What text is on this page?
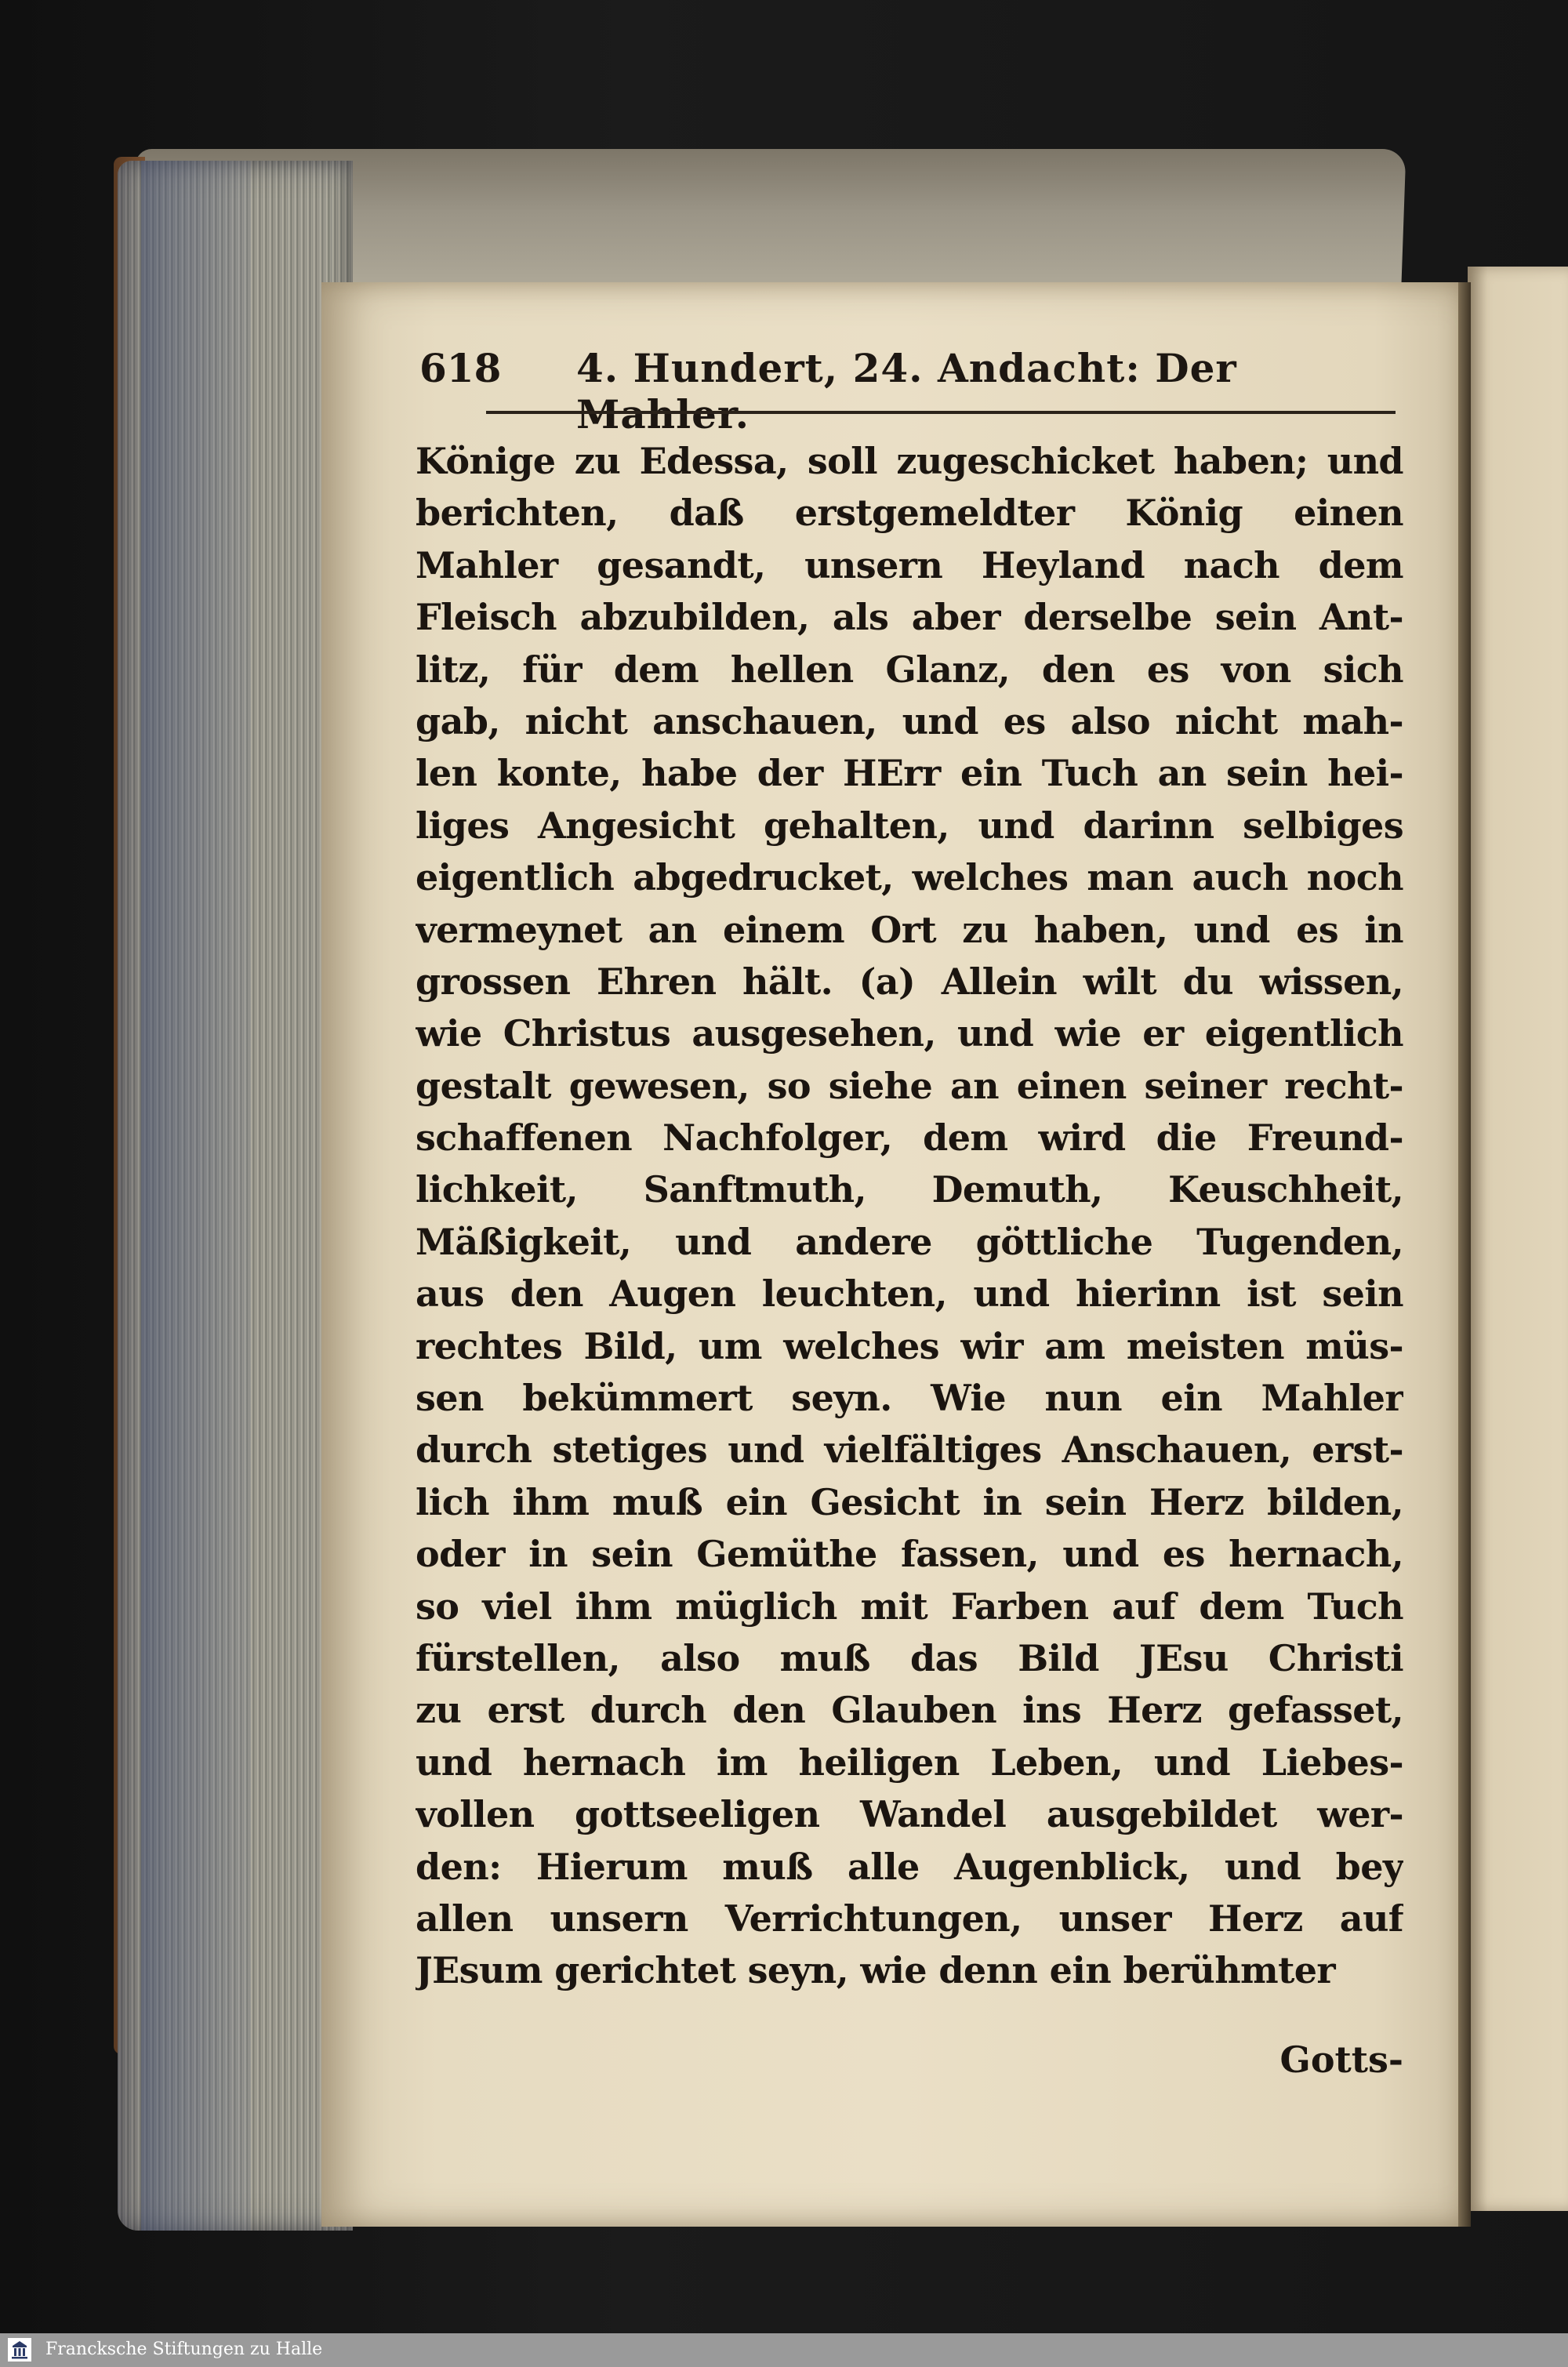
618 4. Hundert, 24. Andacht: Der Mahler.
Könige zu Edessa, soll zugeschicket haben; und
berichten, daß erstgemeldter König einen
Mahler gesandt, unsern Heyland nach dem
Fleisch abzubilden, als aber derselbe sein Ant-
litz, für dem hellen Glanz, den es von sich
gab, nicht anschauen, und es also nicht mah-
len konte, habe der HErr ein Tuch an sein hei-
liges Angesicht gehalten, und darinn selbiges
eigentlich abgedrucket, welches man auch noch
vermeynet an einem Ort zu haben, und es in
grossen Ehren hält. (a) Allein wilt du wissen,
wie Christus ausgesehen, und wie er eigentlich
gestalt gewesen, so siehe an einen seiner recht-
schaffenen Nachfolger, dem wird die Freund-
lichkeit, Sanftmuth, Demuth, Keuschheit,
Mäßigkeit, und andere göttliche Tugenden,
aus den Augen leuchten, und hierinn ist sein
rechtes Bild, um welches wir am meisten müs-
sen bekümmert seyn. Wie nun ein Mahler
durch stetiges und vielfältiges Anschauen, erst-
lich ihm muß ein Gesicht in sein Herz bilden,
oder in sein Gemüthe fassen, und es hernach,
so viel ihm müglich mit Farben auf dem Tuch
fürstellen, also muß das Bild JEsu Christi
zu erst durch den Glauben ins Herz gefasset,
und hernach im heiligen Leben, und Liebes-
vollen gottseeligen Wandel ausgebildet wer-
den: Hierum muß alle Augenblick, und bey
allen unsern Verrichtungen, unser Herz auf
JEsum gerichtet seyn, wie denn ein berühmter
Gotts-
Francksche Stiftungen zu Halle
